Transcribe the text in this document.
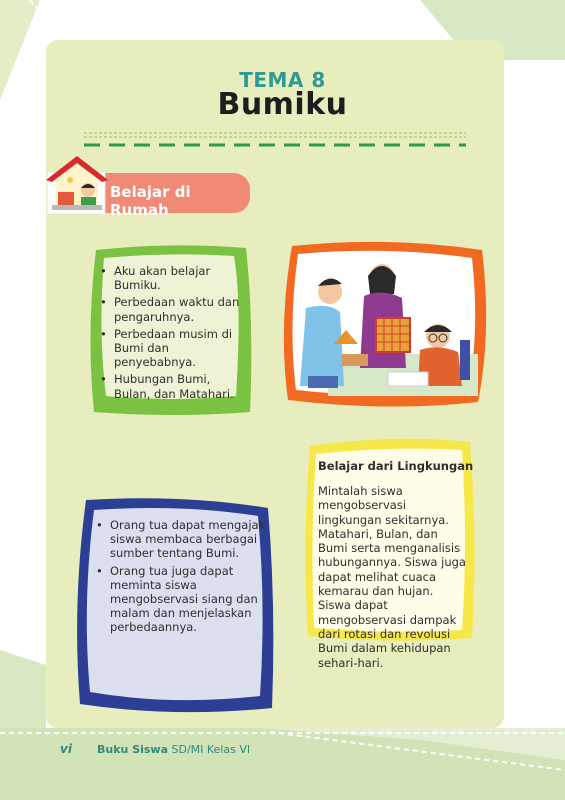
TEMA 8
Bumiku
Belajar di Rumah
• Aku akan belajar Bumiku.
• Perbedaan waktu dan pengaruhnya.
• Perbedaan musim di Bumi dan penyebabnya.
• Hubungan Bumi, Bulan, dan Matahari.
Belajar dari Lingkungan
Mintalah siswa mengobservasi lingkungan sekitarnya. Matahari, Bulan, dan Bumi serta menganalisis hubungannya. Siswa juga dapat melihat cuaca kemarau dan hujan. Siswa dapat mengobservasi dampak dari rotasi dan revolusi Bumi dalam kehidupan sehari-hari.
• Orang tua dapat mengajak siswa membaca berbagai sumber tentang Bumi.
• Orang tua juga dapat meminta siswa mengobservasi siang dan malam dan menjelaskan perbedaannya.
vi Buku Siswa SD/MI Kelas VI
